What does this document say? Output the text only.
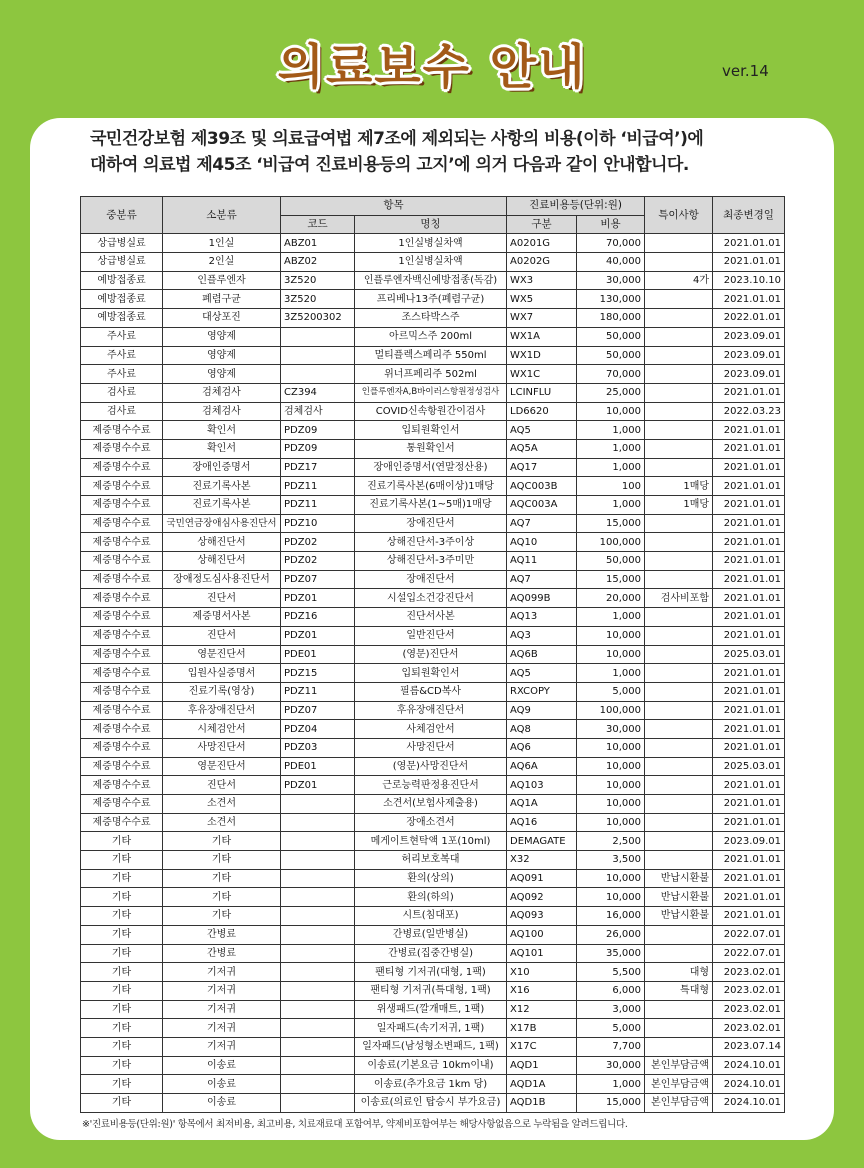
의료보수 안내	ver.14
국민건강보험 제39조 및 의료급여법 제7조에 제외되는 사항의 비용(이하 ‘비급여’)에
대하여 의료법 제45조 ‘비급여 진료비용등의 고지’에 의거 다음과 같이 안내합니다.
중분류	소분류	항목		진료비용등(단위:원)		특이사항	최종변경일
		코드	명칭	구분	비용		
상급병실료	1인실	ABZ01	1인실병실차액	A0201G	70,000		2021.01.01
상급병실료	2인실	ABZ02	1인실병실차액	A0202G	40,000		2021.01.01
예방접종료	인플루엔자	3Z520	인플루엔자백신예방접종(독감)	WX3	30,000	4가	2023.10.10
예방접종료	폐렴구균	3Z520	프리베나13주(폐렴구균)	WX5	130,000		2021.01.01
예방접종료	대상포진	3Z5200302	조스타박스주	WX7	180,000		2022.01.01
주사료	영양제		아르믹스주 200ml	WX1A	50,000		2023.09.01
주사료	영양제		멀티플렉스페리주 550ml	WX1D	50,000		2023.09.01
주사료	영양제		위너프페리주 502ml	WX1C	70,000		2023.09.01
검사료	검체검사	CZ394	인플루엔자A,B바이러스항원정성검사	LCINFLU	25,000		2021.01.01
검사료	검체검사	검체검사	COVID신속항원간이검사	LD6620	10,000		2022.03.23
제증명수수료	확인서	PDZ09	입퇴원확인서	AQ5	1,000		2021.01.01
제증명수수료	확인서	PDZ09	통원확인서	AQ5A	1,000		2021.01.01
제증명수수료	장애인증명서	PDZ17	장애인증명서(연말정산용)	AQ17	1,000		2021.01.01
제증명수수료	진료기록사본	PDZ11	진료기록사본(6매이상)1매당	AQC003B	100	1매당	2021.01.01
제증명수수료	진료기록사본	PDZ11	진료기록사본(1~5매)1매당	AQC003A	1,000	1매당	2021.01.01
제증명수수료	국민연금장애심사용진단서	PDZ10	장애진단서	AQ7	15,000		2021.01.01
제증명수수료	상해진단서	PDZ02	상해진단서-3주이상	AQ10	100,000		2021.01.01
제증명수수료	상해진단서	PDZ02	상해진단서-3주미만	AQ11	50,000		2021.01.01
제증명수수료	장애정도심사용진단서	PDZ07	장애진단서	AQ7	15,000		2021.01.01
제증명수수료	진단서	PDZ01	시설입소건강진단서	AQ099B	20,000	검사비포함	2021.01.01
제증명수수료	제증명서사본	PDZ16	진단서사본	AQ13	1,000		2021.01.01
제증명수수료	진단서	PDZ01	일반진단서	AQ3	10,000		2021.01.01
제증명수수료	영문진단서	PDE01	(영문)진단서	AQ6B	10,000		2025.03.01
제증명수수료	입원사실증명서	PDZ15	입퇴원확인서	AQ5	1,000		2021.01.01
제증명수수료	진료기록(영상)	PDZ11	필름&CD복사	RXCOPY	5,000		2021.01.01
제증명수수료	후유장애진단서	PDZ07	후유장애진단서	AQ9	100,000		2021.01.01
제증명수수료	시체검안서	PDZ04	사체검안서	AQ8	30,000		2021.01.01
제증명수수료	사망진단서	PDZ03	사망진단서	AQ6	10,000		2021.01.01
제증명수수료	영문진단서	PDE01	(영문)사망진단서	AQ6A	10,000		2025.03.01
제증명수수료	진단서	PDZ01	근로능력판정용진단서	AQ103	10,000		2021.01.01
제증명수수료	소견서		소견서(보험사제출용)	AQ1A	10,000		2021.01.01
제증명수수료	소견서		장애소견서	AQ16	10,000		2021.01.01
기타	기타		메게이트현탁액 1포(10ml)	DEMAGATE	2,500		2023.09.01
기타	기타		허리보호복대	X32	3,500		2021.01.01
기타	기타		환의(상의)	AQ091	10,000	반납시환불	2021.01.01
기타	기타		환의(하의)	AQ092	10,000	반납시환불	2021.01.01
기타	기타		시트(침대포)	AQ093	16,000	반납시환불	2021.01.01
기타	간병료		간병료(일반병실)	AQ100	26,000		2022.07.01
기타	간병료		간병료(집중간병실)	AQ101	35,000		2022.07.01
기타	기저귀		팬티형 기저귀(대형, 1팩)	X10	5,500	대형	2023.02.01
기타	기저귀		팬티형 기저귀(특대형, 1팩)	X16	6,000	특대형	2023.02.01
기타	기저귀		위생패드(깔개매트, 1팩)	X12	3,000		2023.02.01
기타	기저귀		일자패드(속기저귀, 1팩)	X17B	5,000		2023.02.01
기타	기저귀		일자패드(남성형소변패드, 1팩)	X17C	7,700		2023.07.14
기타	이송료		이송료(기본요금 10km이내)	AQD1	30,000	본인부담금액	2024.10.01
기타	이송료		이송료(추가요금 1km 당)	AQD1A	1,000	본인부담금액	2024.10.01
기타	이송료		이송료(의료인 탑승시 부가요금)	AQD1B	15,000	본인부담금액	2024.10.01
※'진료비용등(단위:원)' 항목에서 최저비용, 최고비용, 치료재료대 포함여부, 약제비포함여부는 해당사항없음으로 누락됨을 알려드립니다.
